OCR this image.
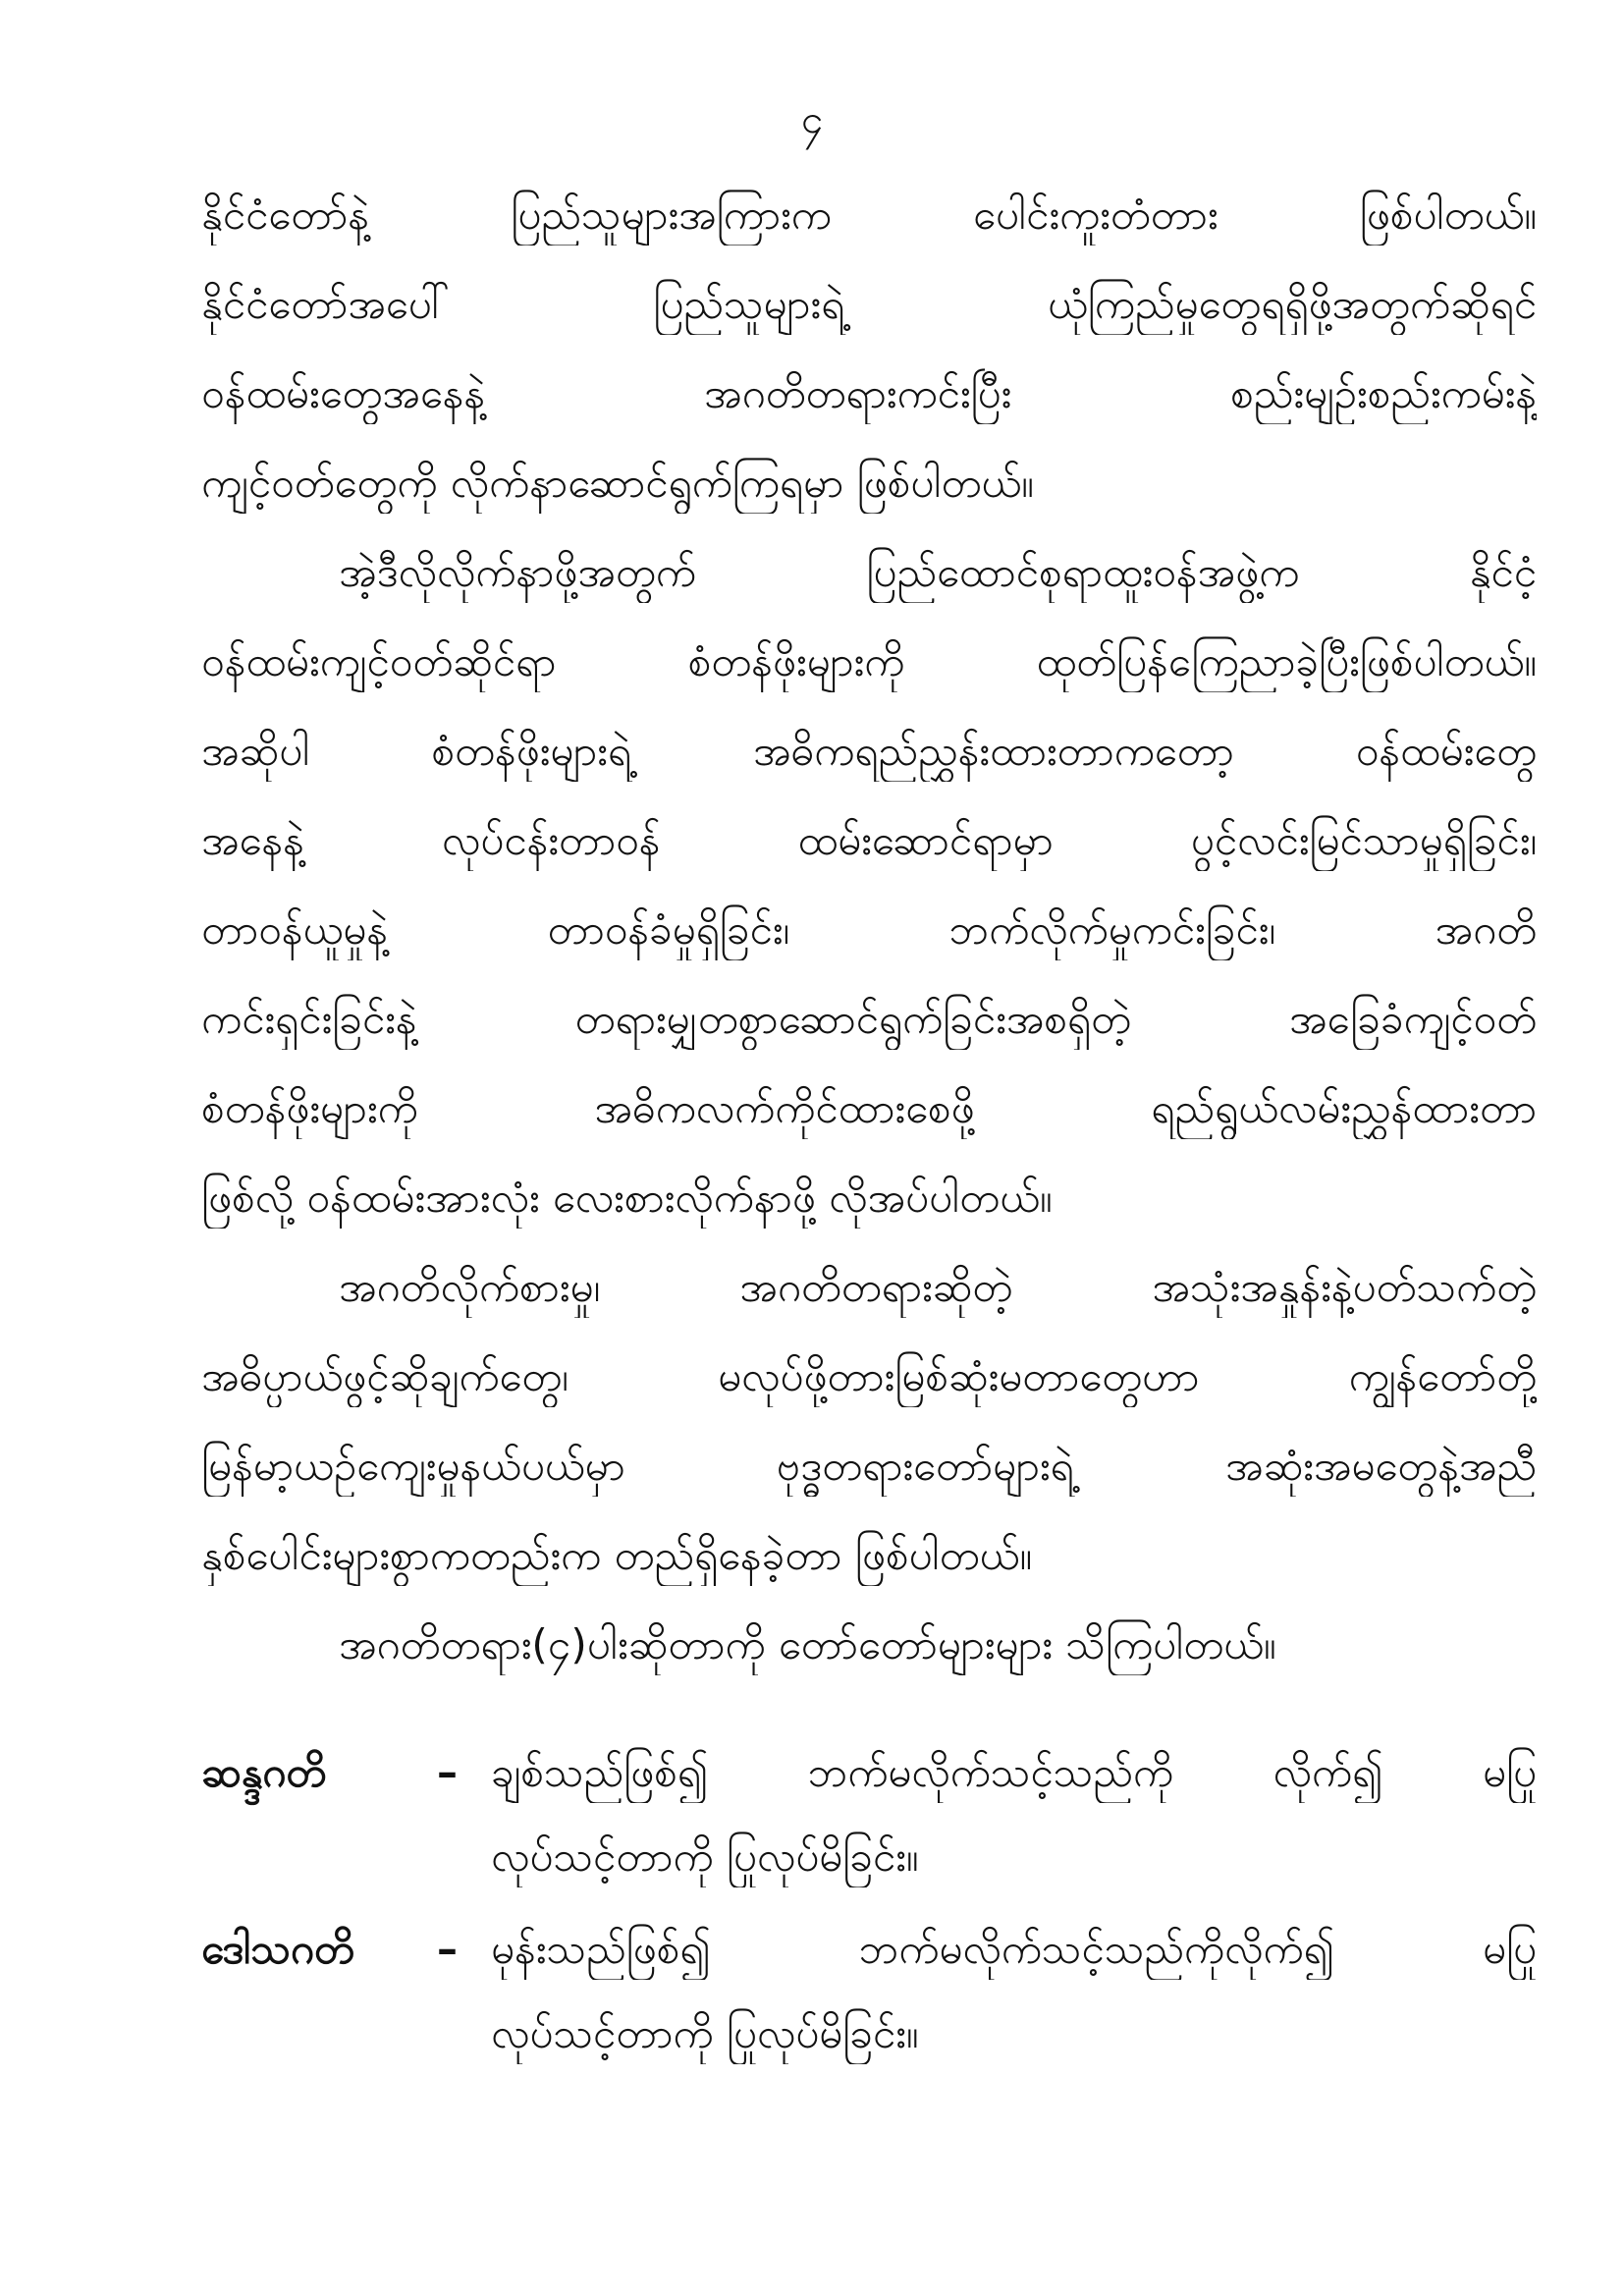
၄
နိုင်ငံတော်နဲ့ ပြည်သူများအကြားက ပေါင်းကူးတံတား ဖြစ်ပါတယ်။
နိုင်ငံတော်အပေါ် ပြည်သူများရဲ့ ယုံကြည်မှုတွေရရှိဖို့အတွက်ဆိုရင်
ဝန်ထမ်းတွေအနေနဲ့ အဂတိတရားကင်းပြီး စည်းမျဉ်းစည်းကမ်းနဲ့
ကျင့်ဝတ်တွေကို လိုက်နာဆောင်ရွက်ကြရမှာ ဖြစ်ပါတယ်။
အဲ့ဒီလိုလိုက်နာဖို့အတွက် ပြည်ထောင်စုရာထူးဝန်အဖွဲ့က နိုင်ငံ့
ဝန်ထမ်းကျင့်ဝတ်ဆိုင်ရာ စံတန်ဖိုးများကို ထုတ်ပြန်ကြေညာခဲ့ပြီးဖြစ်ပါတယ်။
အဆိုပါ စံတန်ဖိုးများရဲ့ အဓိကရည်ညွှန်းထားတာကတော့ ဝန်ထမ်းတွေ
အနေနဲ့ လုပ်ငန်းတာဝန် ထမ်းဆောင်ရာမှာ ပွင့်လင်းမြင်သာမှုရှိခြင်း၊
တာဝန်ယူမှုနဲ့ တာဝန်ခံမှုရှိခြင်း၊ ဘက်လိုက်မှုကင်းခြင်း၊ အဂတိ
ကင်းရှင်းခြင်းနဲ့ တရားမျှတစွာဆောင်ရွက်ခြင်းအစရှိတဲ့ အခြေခံကျင့်ဝတ်
စံတန်ဖိုးများကို အဓိကလက်ကိုင်ထားစေဖို့ ရည်ရွယ်လမ်းညွှန်ထားတာ
ဖြစ်လို့ ဝန်ထမ်းအားလုံး လေးစားလိုက်နာဖို့ လိုအပ်ပါတယ်။
အဂတိလိုက်စားမှု၊ အဂတိတရားဆိုတဲ့ အသုံးအနှုန်းနဲ့ပတ်သက်တဲ့
အဓိပ္ပာယ်ဖွင့်ဆိုချက်တွေ၊ မလုပ်ဖို့တားမြစ်ဆုံးမတာတွေဟာ ကျွန်တော်တို့
မြန်မာ့ယဉ်ကျေးမှုနယ်ပယ်မှာ ဗုဒ္ဓတရားတော်များရဲ့ အဆုံးအမတွေနဲ့အညီ
နှစ်ပေါင်းများစွာကတည်းက တည်ရှိနေခဲ့တာ ဖြစ်ပါတယ်။
အဂတိတရား(၄)ပါးဆိုတာကို တော်တော်များများ သိကြပါတယ်။
ဆန္ဒဂတိ	– ချစ်သည်ဖြစ်၍ ဘက်မလိုက်သင့်သည်ကို လိုက်၍ မပြု
လုပ်သင့်တာကို ပြုလုပ်မိခြင်း။
ဒေါသဂတိ	– မုန်းသည်ဖြစ်၍ ဘက်မလိုက်သင့်သည်ကိုလိုက်၍ မပြု
လုပ်သင့်တာကို ပြုလုပ်မိခြင်း။
